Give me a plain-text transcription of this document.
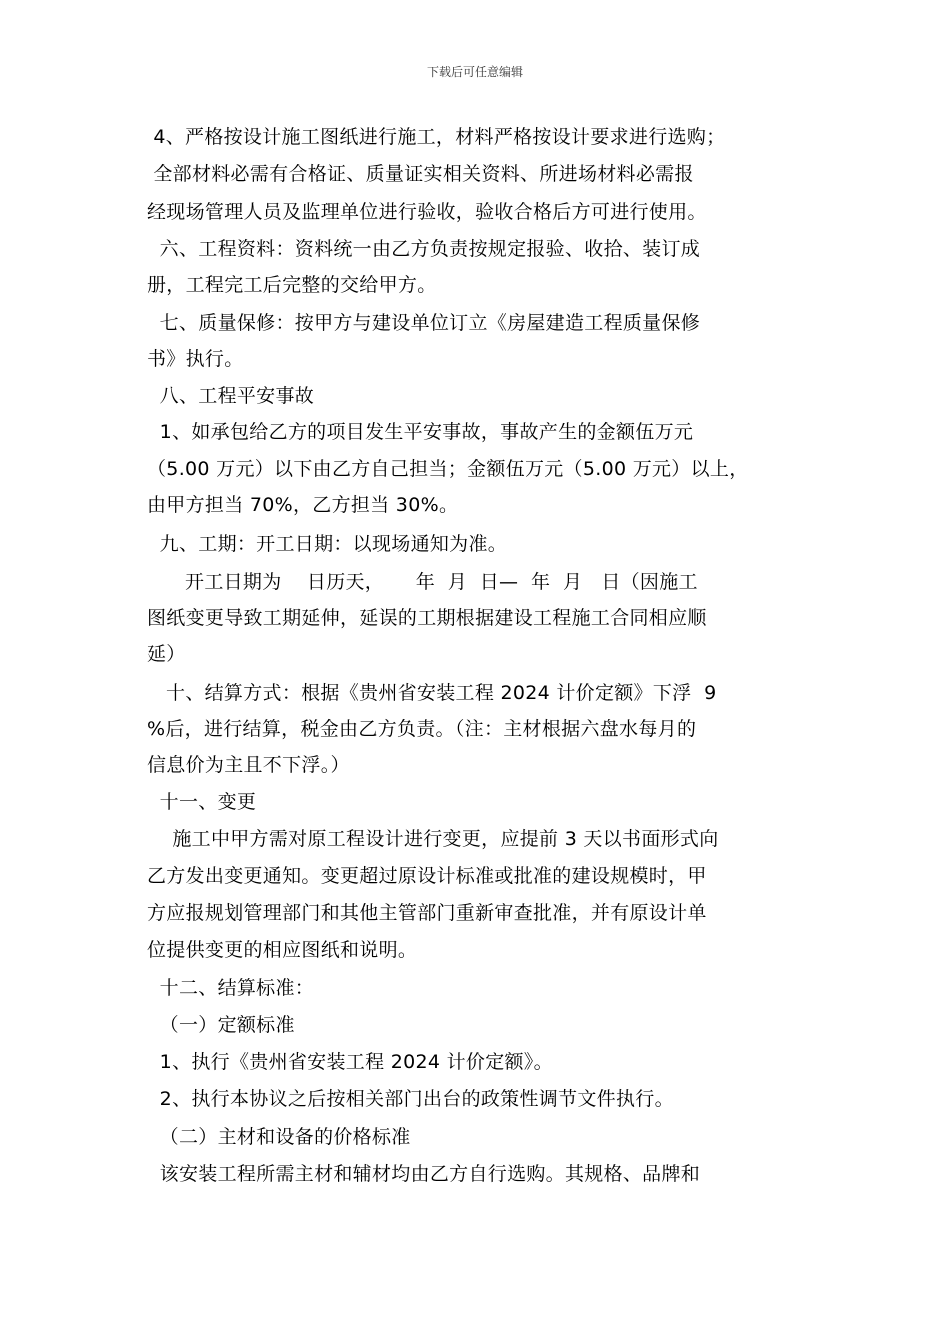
下载后可任意编辑
4、严格按设计施工图纸进行施工，材料严格按设计要求进行选购；
全部材料必需有合格证、质量证实相关资料、所进场材料必需报
经现场管理人员及监理单位进行验收，验收合格后方可进行使用。
六、工程资料：资料统一由乙方负责按规定报验、收拾、装订成
册，工程完工后完整的交给甲方。
七、质量保修：按甲方与建设单位订立《房屋建造工程质量保修
书》执行。
八、工程平安事故
1、如承包给乙方的项目发生平安事故，事故产生的金额伍万元
（5.00 万元）以下由乙方自己担当；金额伍万元（5.00 万元）以上，
由甲方担当 70%，乙方担当 30%。
九、工期：开工日期：以现场通知为准。
开工日期为    日历天，     年  月  日—  年  月   日（因施工
图纸变更导致工期延伸，延误的工期根据建设工程施工合同相应顺
延）
十、结算方式：根据《贵州省安装工程 2024 计价定额》下浮  9
%后，进行结算，税金由乙方负责。（注：主材根据六盘水每月的
信息价为主且不下浮。）
十一、变更
施工中甲方需对原工程设计进行变更，应提前 3 天以书面形式向
乙方发出变更通知。变更超过原设计标准或批准的建设规模时，甲
方应报规划管理部门和其他主管部门重新审查批准，并有原设计单
位提供变更的相应图纸和说明。
十二、结算标准：
（一）定额标准
1、执行《贵州省安装工程 2024 计价定额》。
2、执行本协议之后按相关部门出台的政策性调节文件执行。
（二）主材和设备的价格标准
该安装工程所需主材和辅材均由乙方自行选购。其规格、品牌和
